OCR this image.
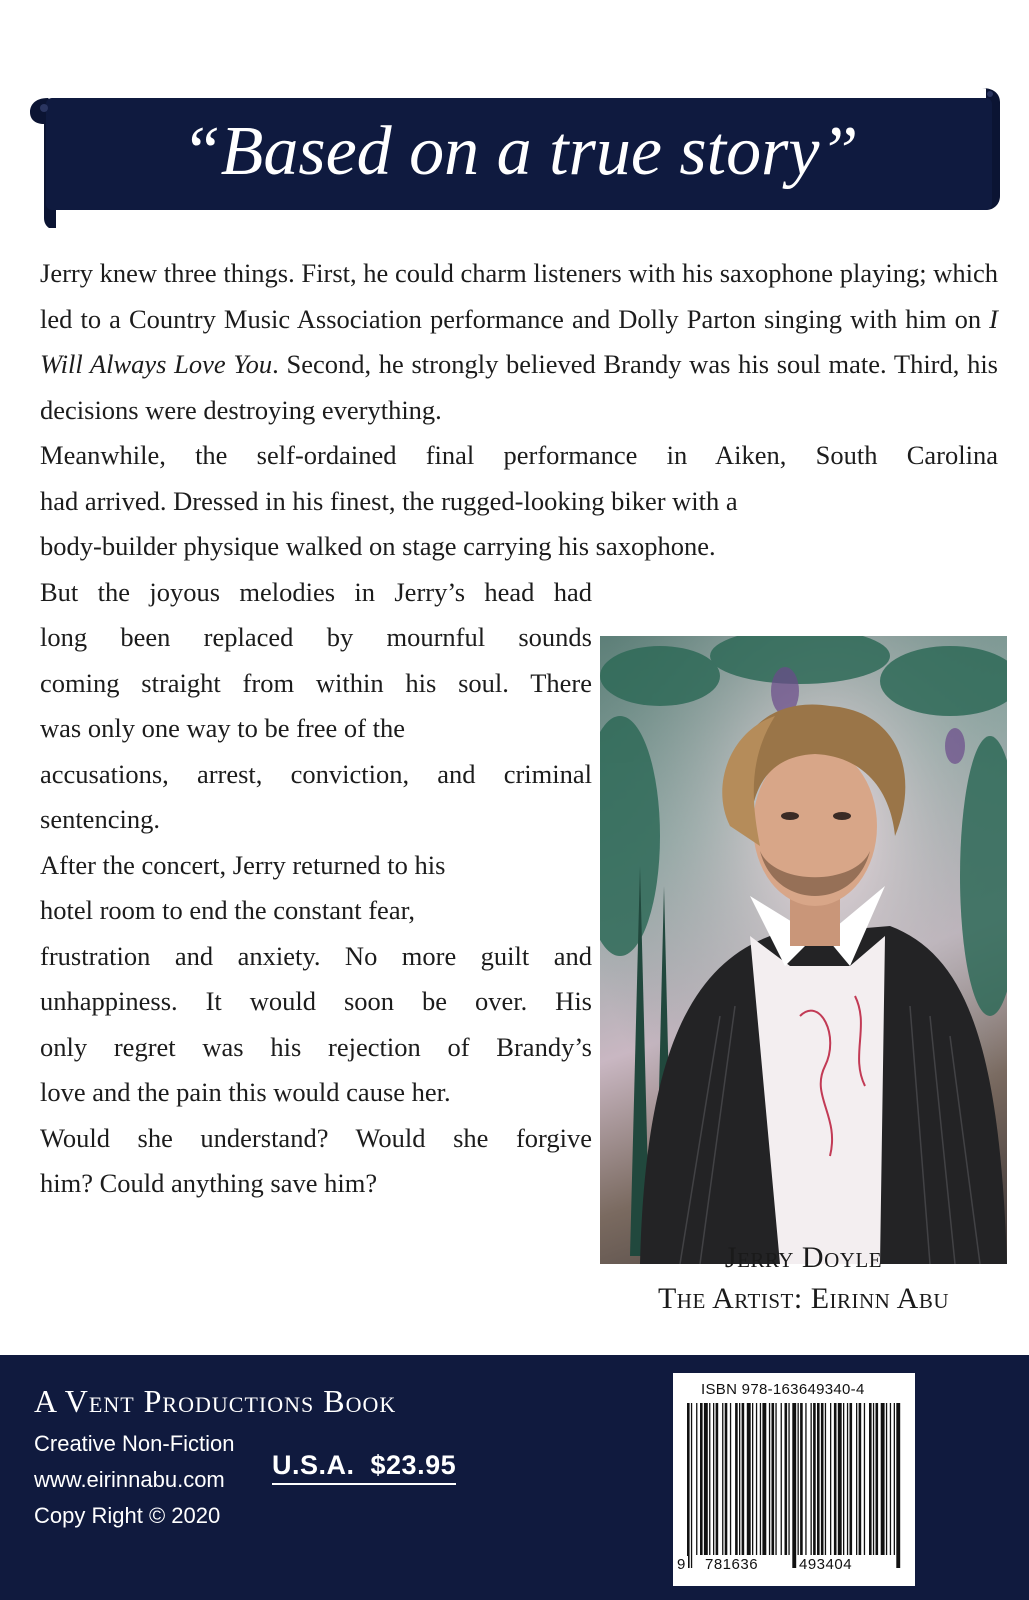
“Based on a true story”

Jerry knew three things. First, he could charm listeners with his saxophone playing; which led to a Country Music Association performance and Dolly Parton singing with him on I Will Always Love You. Second, he strongly believed Brandy was his soul mate. Third, his decisions were destroying everything.

Meanwhile, the self-ordained final performance in Aiken, South Carolina
had arrived. Dressed in his finest, the rugged-looking biker with a
body-builder physique walked on stage carrying his saxophone.

But the joyous melodies in Jerry’s head had
long been replaced by mournful sounds
coming straight from within his soul. There
was only one way to be free of the
accusations, arrest, conviction, and criminal
sentencing.

After the concert, Jerry returned to his
hotel room to end the constant fear,
frustration and anxiety. No more guilt and
unhappiness. It would soon be over. His
only regret was his rejection of Brandy’s
love and the pain this would cause her.
Would she understand? Would she forgive
him? Could anything save him?

Jerry Doyle
The Artist: Eirinn Abu
A Vent Productions Book
Creative Non-Fiction
www.eirinnabu.com
Copy Right © 2020
U.S.A. $23.95
ISBN 978-163649340-4
9 781636	493404
